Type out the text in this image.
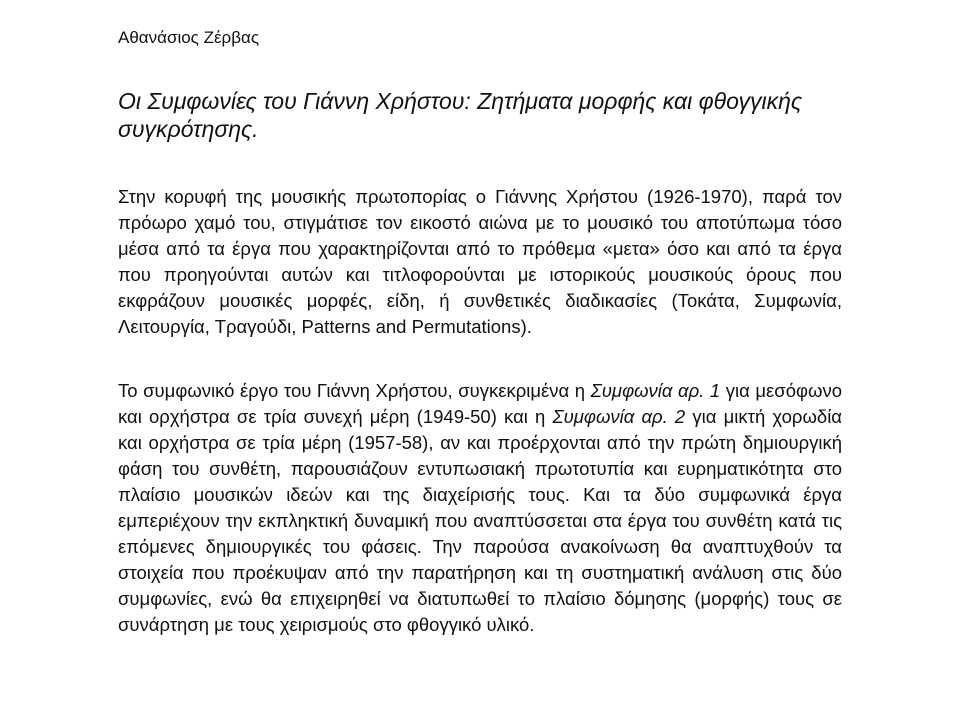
Αθανάσιος Ζέρβας

Οι Συμφωνίες του Γιάννη Χρήστου: Ζητήματα μορφής και φθογγικής συγκρότησης.

Στην κορυφή της μουσικής πρωτοπορίας ο Γιάννης Χρήστου (1926-1970), παρά τον πρόωρο χαμό του, στιγμάτισε τον εικοστό αιώνα με το μουσικό του αποτύπωμα τόσο μέσα από τα έργα που χαρακτηρίζονται από το πρόθεμα «μετα» όσο και από τα έργα που προηγούνται αυτών και τιτλοφορούνται με ιστορικούς μουσικούς όρους που εκφράζουν μουσικές μορφές, είδη, ή συνθετικές διαδικασίες (Τοκάτα, Συμφωνία, Λειτουργία, Τραγούδι, Patterns and Permutations).

Το συμφωνικό έργο του Γιάννη Χρήστου, συγκεκριμένα η Συμφωνία αρ. 1 για μεσόφωνο και ορχήστρα σε τρία συνεχή μέρη (1949-50) και η Συμφωνία αρ. 2 για μικτή χορωδία και ορχήστρα σε τρία μέρη (1957-58), αν και προέρχονται από την πρώτη δημιουργική φάση του συνθέτη, παρουσιάζουν εντυπωσιακή πρωτοτυπία και ευρηματικότητα στο πλαίσιο μουσικών ιδεών και της διαχείρισής τους. Και τα δύο συμφωνικά έργα εμπεριέχουν την εκπληκτική δυναμική που αναπτύσσεται στα έργα του συνθέτη κατά τις επόμενες δημιουργικές του φάσεις. Την παρούσα ανακοίνωση θα αναπτυχθούν τα στοιχεία που προέκυψαν από την παρατήρηση και τη συστηματική ανάλυση στις δύο συμφωνίες, ενώ θα επιχειρηθεί να διατυπωθεί το πλαίσιο δόμησης (μορφής) τους σε συνάρτηση με τους χειρισμούς στο φθογγικό υλικό.
